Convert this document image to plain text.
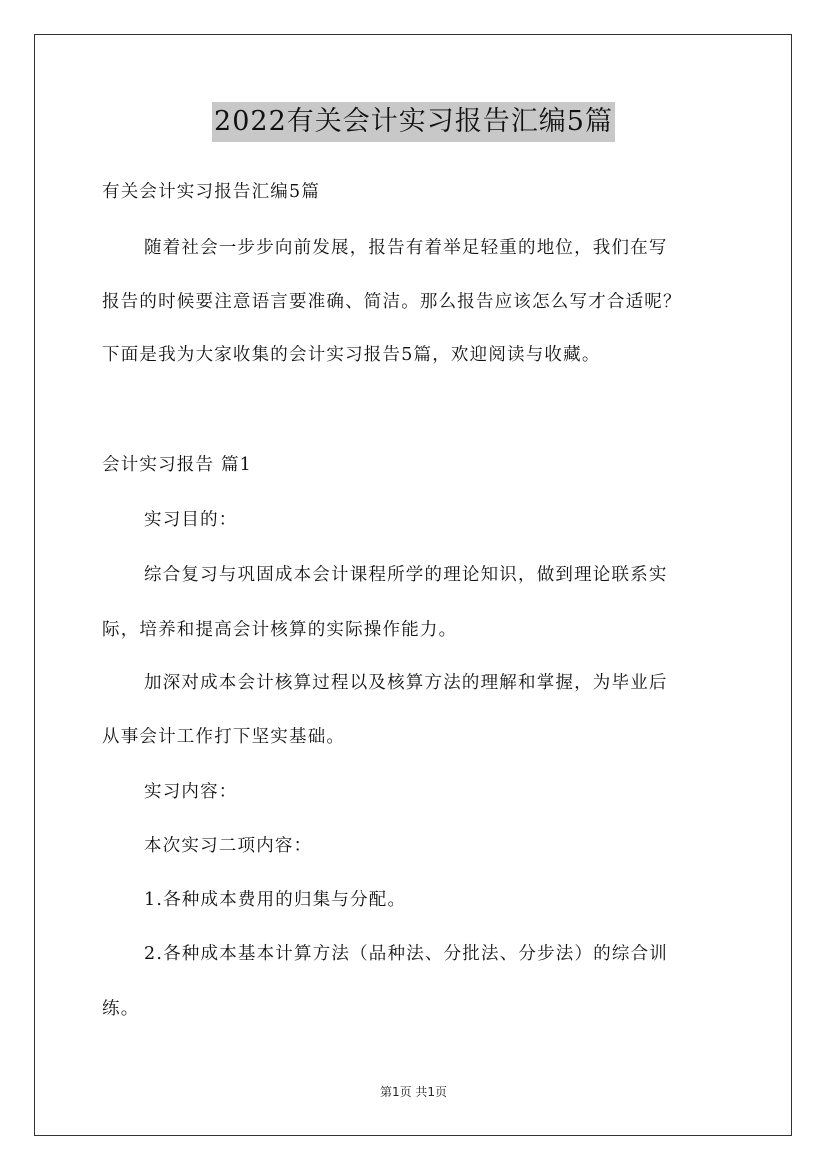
2022有关会计实习报告汇编5篇
有关会计实习报告汇编5篇
随着社会一步步向前发展，报告有着举足轻重的地位，我们在写
报告的时候要注意语言要准确、简洁。那么报告应该怎么写才合适呢？
下面是我为大家收集的会计实习报告5篇，欢迎阅读与收藏。
会计实习报告 篇1
实习目的：
综合复习与巩固成本会计课程所学的理论知识，做到理论联系实
际，培养和提高会计核算的实际操作能力。
加深对成本会计核算过程以及核算方法的理解和掌握，为毕业后
从事会计工作打下坚实基础。
实习内容：
本次实习二项内容：
1.各种成本费用的归集与分配。
2.各种成本基本计算方法（品种法、分批法、分步法）的综合训
练。
第1页 共1页
